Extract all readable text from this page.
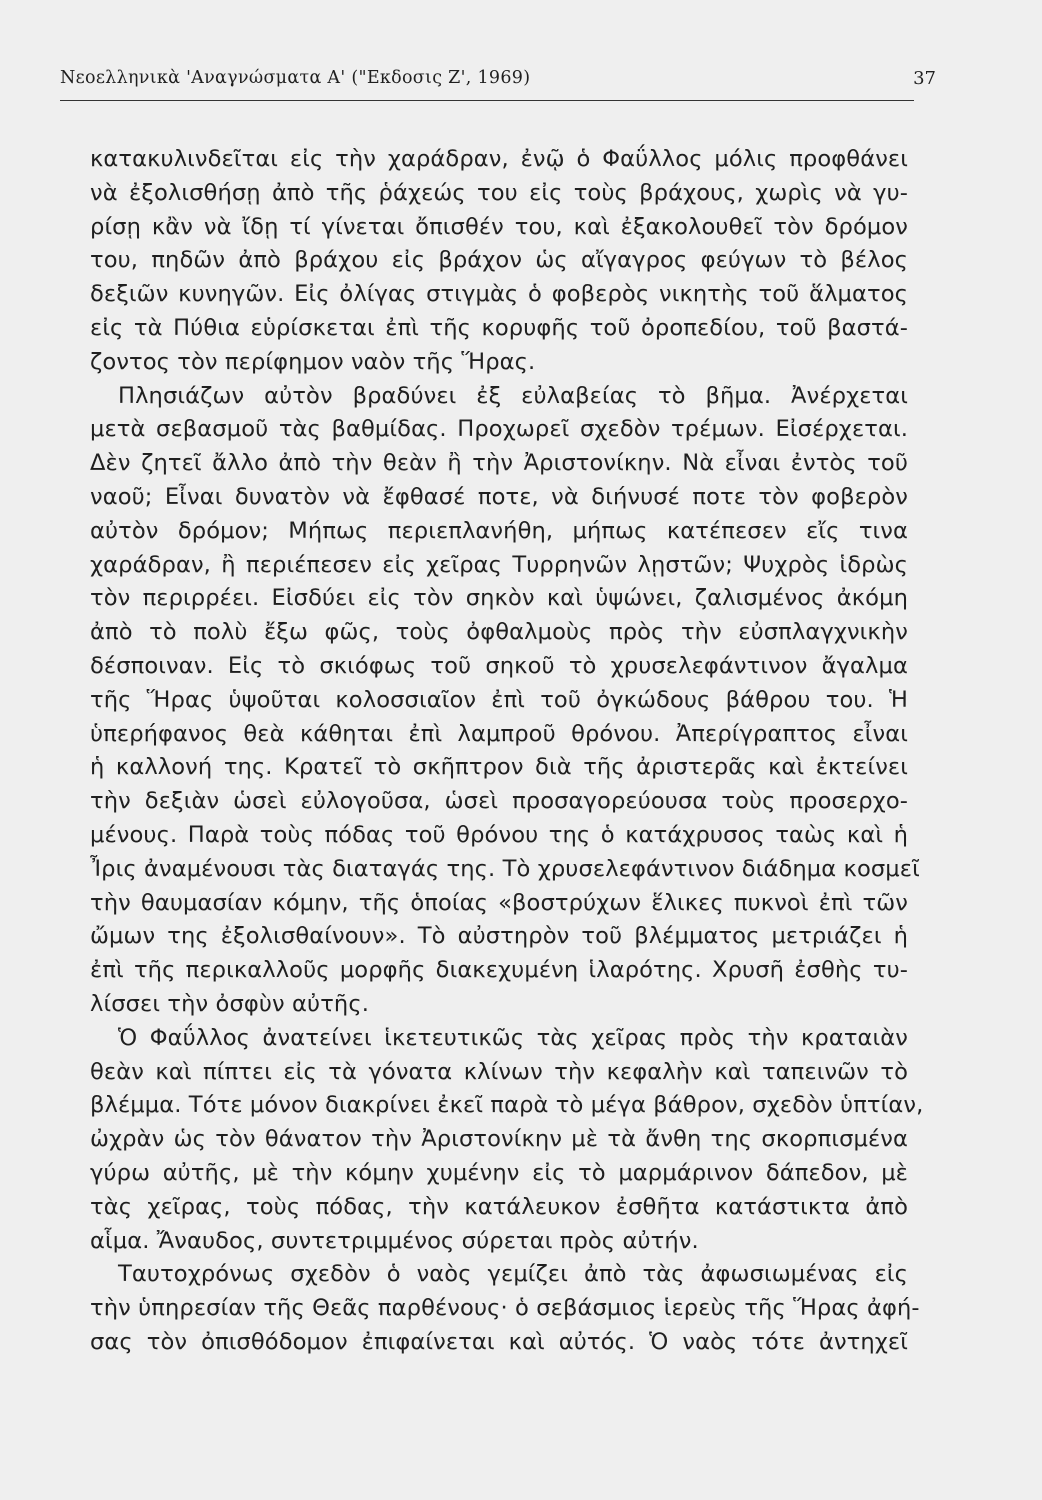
Νεοελληνικὰ 'Αναγνώσματα Α' ("Εκδοσις Ζ', 1969)	37
κατακυλινδεῖται εἰς τὴν χαράδραν, ἐνῷ ὁ Φαΰλλος μόλις προφθάνει
νὰ ἐξολισθήσῃ ἀπὸ τῆς ῥάχεώς του εἰς τοὺς βράχους, χωρὶς νὰ γυ-
ρίσῃ κἂν νὰ ἴδῃ τί γίνεται ὄπισθέν του, καὶ ἐξακολουθεῖ τὸν δρόμον
του, πηδῶν ἀπὸ βράχου εἰς βράχον ὡς αἴγαγρος φεύγων τὸ βέλος
δεξιῶν κυνηγῶν. Εἰς ὀλίγας στιγμὰς ὁ φοβερὸς νικητὴς τοῦ ἅλματος
εἰς τὰ Πύθια εὑρίσκεται ἐπὶ τῆς κορυφῆς τοῦ ὀροπεδίου, τοῦ βαστά-
ζοντος τὸν περίφημον ναὸν τῆς Ἥρας.
Πλησιάζων αὐτὸν βραδύνει ἐξ εὐλαβείας τὸ βῆμα. Ἀνέρχεται
μετὰ σεβασμοῦ τὰς βαθμίδας. Προχωρεῖ σχεδὸν τρέμων. Εἰσέρχεται.
Δὲν ζητεῖ ἄλλο ἀπὸ τὴν θεὰν ἢ τὴν Ἀριστονίκην. Νὰ εἶναι ἐντὸς τοῦ
ναοῦ; Εἶναι δυνατὸν νὰ ἔφθασέ ποτε, νὰ διήνυσέ ποτε τὸν φοβερὸν
αὐτὸν δρόμον; Μήπως περιεπλανήθη, μήπως κατέπεσεν εἴς τινα
χαράδραν, ἢ περιέπεσεν εἰς χεῖρας Τυρρηνῶν λῃστῶν; Ψυχρὸς ἱδρὼς
τὸν περιρρέει. Εἰσδύει εἰς τὸν σηκὸν καὶ ὑψώνει, ζαλισμένος ἀκόμη
ἀπὸ τὸ πολὺ ἔξω φῶς, τοὺς ὀφθαλμοὺς πρὸς τὴν εὐσπλαγχνικὴν
δέσποιναν. Εἰς τὸ σκιόφως τοῦ σηκοῦ τὸ χρυσελεφάντινον ἄγαλμα
τῆς Ἥρας ὑψοῦται κολοσσιαῖον ἐπὶ τοῦ ὀγκώδους βάθρου του. Ἡ
ὑπερήφανος θεὰ κάθηται ἐπὶ λαμπροῦ θρόνου. Ἀπερίγραπτος εἶναι
ἡ καλλονή της. Κρατεῖ τὸ σκῆπτρον διὰ τῆς ἀριστερᾶς καὶ ἐκτείνει
τὴν δεξιὰν ὡσεὶ εὐλογοῦσα, ὡσεὶ προσαγορεύουσα τοὺς προσερχο-
μένους. Παρὰ τοὺς πόδας τοῦ θρόνου της ὁ κατάχρυσος ταὼς καὶ ἡ
Ἶρις ἀναμένουσι τὰς διαταγάς της. Τὸ χρυσελεφάντινον διάδημα κοσμεῖ
τὴν θαυμασίαν κόμην, τῆς ὁποίας «βοστρύχων ἕλικες πυκνοὶ ἐπὶ τῶν
ὤμων της ἐξολισθαίνουν». Τὸ αὐστηρὸν τοῦ βλέμματος μετριάζει ἡ
ἐπὶ τῆς περικαλλοῦς μορφῆς διακεχυμένη ἱλαρότης. Χρυσῆ ἐσθὴς τυ-
λίσσει τὴν ὀσφὺν αὐτῆς.
Ὁ Φαΰλλος ἀνατείνει ἱκετευτικῶς τὰς χεῖρας πρὸς τὴν κραταιὰν
θεὰν καὶ πίπτει εἰς τὰ γόνατα κλίνων τὴν κεφαλὴν καὶ ταπεινῶν τὸ
βλέμμα. Τότε μόνον διακρίνει ἐκεῖ παρὰ τὸ μέγα βάθρον, σχεδὸν ὑπτίαν,
ὠχρὰν ὡς τὸν θάνατον τὴν Ἀριστονίκην μὲ τὰ ἄνθη της σκορπισμένα
γύρω αὐτῆς, μὲ τὴν κόμην χυμένην εἰς τὸ μαρμάρινον δάπεδον, μὲ
τὰς χεῖρας, τοὺς πόδας, τὴν κατάλευκον ἐσθῆτα κατάστικτα ἀπὸ
αἷμα. Ἄναυδος, συντετριμμένος σύρεται πρὸς αὐτήν.
Ταυτοχρόνως σχεδὸν ὁ ναὸς γεμίζει ἀπὸ τὰς ἀφωσιωμένας εἰς
τὴν ὑπηρεσίαν τῆς Θεᾶς παρθένους· ὁ σεβάσμιος ἱερεὺς τῆς Ἥρας ἀφή-
σας τὸν ὀπισθόδομον ἐπιφαίνεται καὶ αὐτός. Ὁ ναὸς τότε ἀντηχεῖ
